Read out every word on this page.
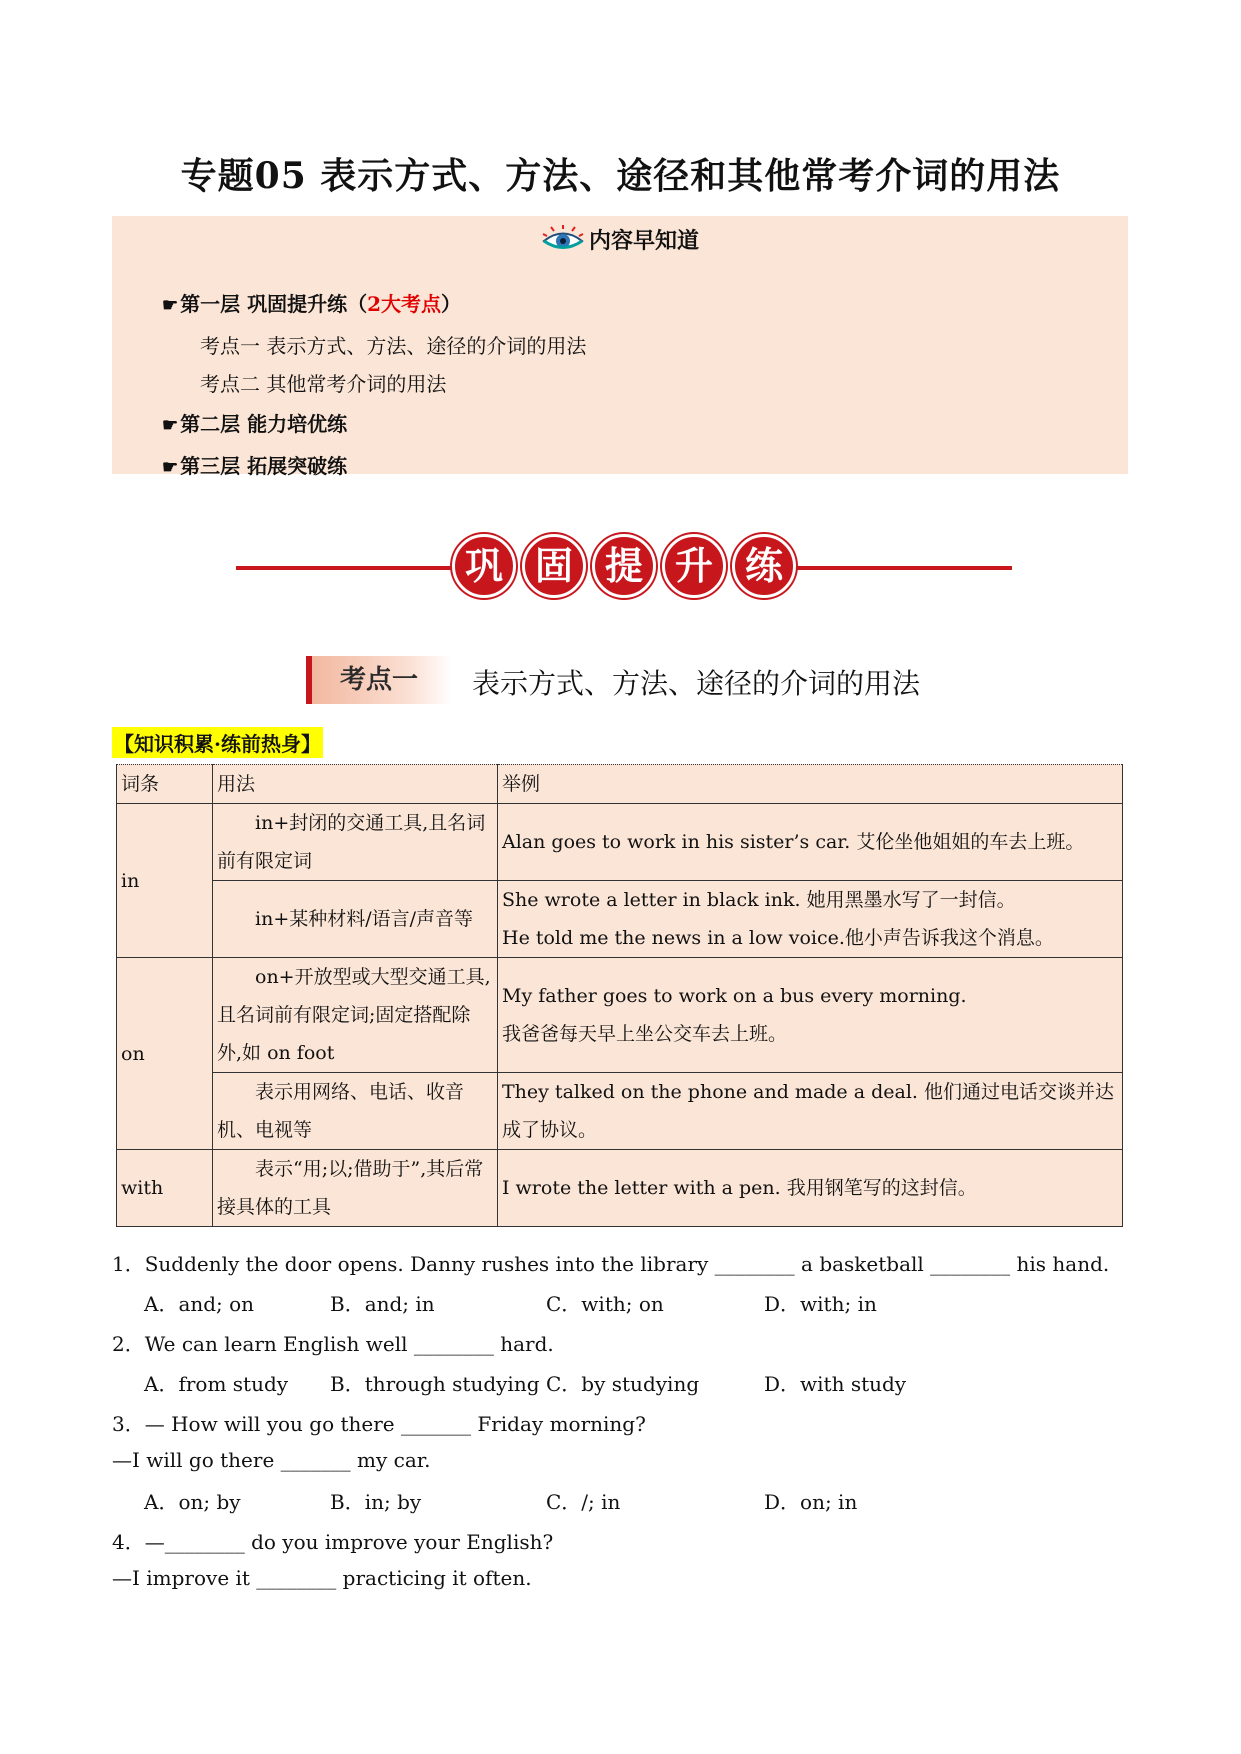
专题05 表示方式、方法、途径和其他常考介词的用法
内容早知道
☛ 第一层 巩固提升练（2大考点）
考点一 表示方式、方法、途径的介词的用法
考点二 其他常考介词的用法
☛ 第二层 能力培优练
☛ 第三层 拓展突破练
巩 固 提 升 练
考点一	表示方式、方法、途径的介词的用法
【知识积累·练前热身】
词条	用法	举例
in	in+封闭的交通工具,且名词前有限定词	Alan goes to work in his sister’s car. 艾伦坐他姐姐的车去上班。
	in+某种材料/语言/声音等	She wrote a letter in black ink. 她用黑墨水写了一封信。
He told me the news in a low voice.他小声告诉我这个消息。

on	on+开放型或大型交通工具,且名词前有限定词;固定搭配除外,如 on foot	My father goes to work on a bus every morning.
我爸爸每天早上坐公交车去上班。

	表示用网络、电话、收音机、电视等	They talked on the phone and made a deal. 他们通过电话交谈并达成了协议。
with	表示“用;以;借助于”,其后常接具体的工具	I wrote the letter with a pen. 我用钢笔写的这封信。
1．Suddenly the door opens. Danny rushes into the library ________ a basketball ________ his hand.
A．and; on	B．and; in	C．with; on	D．with; in
2．We can learn English well ________ hard.
A．from study B．through studying C．by studying	D．with study
3．— How will you go there _______ Friday morning?
—I will go there _______ my car.
A．on; by	B．in; by	C．/; in	D．on; in
4．—________ do you improve your English?
—I improve it ________ practicing it often.
